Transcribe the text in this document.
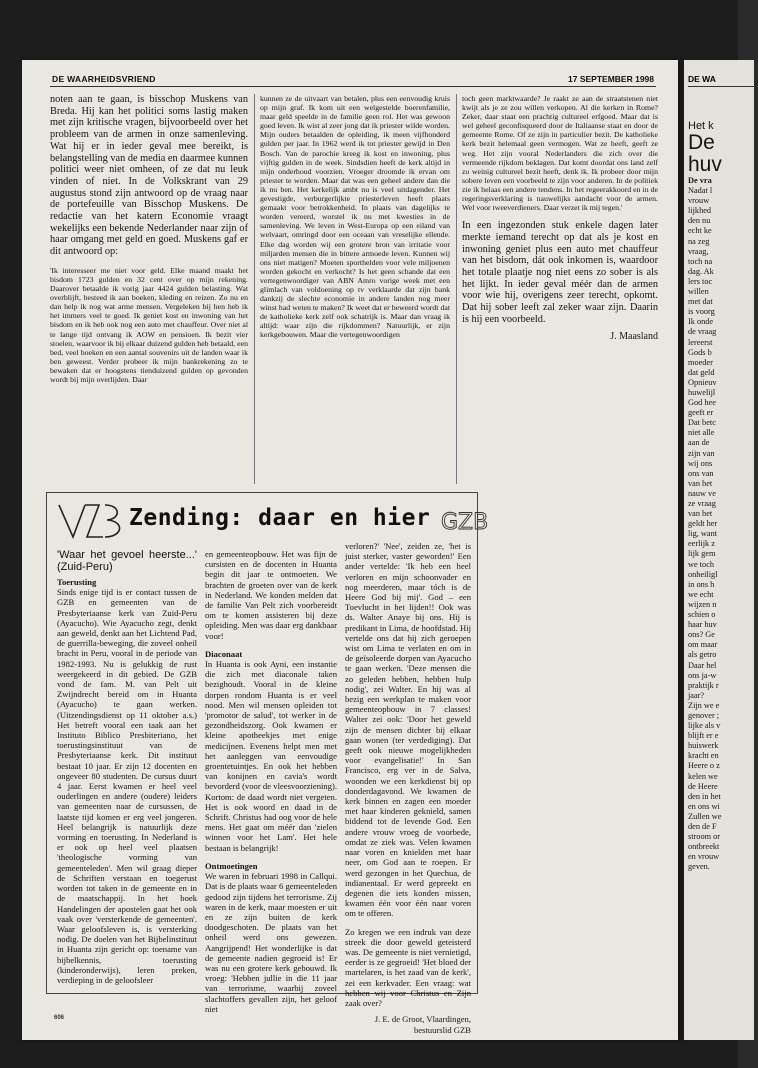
DE WAARHEIDSVRIEND	17 SEPTEMBER 1998

noten aan te gaan, is bisschop Muskens van Breda. Hij kan het politici soms lastig maken met zijn kritische vragen, bijvoorbeeld over het probleem van de armen in onze samenleving. Wat hij er in ieder geval mee bereikt, is belangstelling van de media en daarmee kunnen politici weer niet omheen, of ze dat nu leuk vinden of niet. In de Volkskrant van 29 augustus stond zijn antwoord op de vraag naar de portefeuille van Bisschop Muskens. De redactie van het katern Economie vraagt wekelijks een bekende Nederlander naar zijn of haar omgang met geld en goed. Muskens gaf er dit antwoord op:

'Ik interesseer me niet voor geld. Elke maand maakt het bisdom 1723 gulden en 32 cent over op mijn rekening. Daarover betaalde ik vorig jaar 4424 gulden belasting. Wat overblijft, besteed ik aan boeken, kleding en reizen. Zo nu en dan help ik nog wat arme mensen. Vergeleken bij hen heb ik het immers veel te goed. Ik geniet kost en inwoning van het bisdom en ik heb ook nog een auto met chauffeur. Over niet al te lange tijd ontvang ik AOW en pensioen. Ik bezit vier stoelen, waarvoor ik bij elkaar duizend gulden heb betaald, een bed, veel boeken en een aantal souvenirs uit de landen waar ik ben geweest. Verder probeer ik mijn bankrekening zo te bewaken dat er hoogstens tienduizend gulden op gevonden wordt bij mijn overlijden. Daar

kunnen ze de uitvaart van betalen, plus een eenvoudig kruis op mijn graf. Ik kom uit een welgestelde boerenfamilie, maar geld speelde in de familie geen rol. Het was gewoon goed leven. Ik wist al zeer jong dat ik priester wilde worden. Mijn ouders betaalden de opleiding, ik meen vijfhonderd gulden per jaar. In 1962 werd ik tot priester gewijd in Den Bosch. Van de parochie kreeg ik kost en inwoning, plus vijftig gulden in de week. Sindsdien heeft de kerk altijd in mijn onderhoud voorzien. Vroeger droomde ik ervan om priester te worden. Maar dat was een geheel andere dan die ik nu ben. Het kerkelijk ambt nu is veel uitdagender. Het gevestigde, verburgerlijkte priesterleven heeft plaats gemaakt voor betrokkenheid. In plaats van dagelijks te worden vereerd, worstel ik nu met kwesties in de samenleving. We leven in West-Europa op een eiland van welvaart, omringd door een oceaan van vreselijke ellende. Elke dag worden wij een grotere bron van irritatie voor miljarden mensen die in bittere armoede leven. Kunnen wij ons niet matigen? Moeten sporthelden voor vele miljoenen worden gekocht en verkocht? Is het geen schande dat een vertegenwoordiger van ABN Amro vorige week met een glimlach van voldoening op tv verklaarde dat zijn bank dankzij de slechte economie in andere landen nog meer winst had weten te maken? Ik weet dat er beweerd wordt dat de katholieke kerk zelf ook schatrijk is. Maar dan vraag ik altijd: waar zijn die rijkdommen? Natuurlijk, er zijn kerkgebouwen. Maar die vertegenwoordigen

toch geen marktwaarde? Je raakt ze aan de straatstenen niet kwijt als je ze zou willen verkopen. Al die kerken in Rome? Zeker, daar staat een prachtig cultureel erfgoed. Maar dat is wel geheel geconfisqueerd door de Italiaanse staat en door de gemeente Rome. Of ze zijn in particulier bezit. De katholieke kerk bezit helemaal geen vermogen. Wat ze heeft, geeft ze weg. Het zijn vooral Nederlanders die zich over die vermeende rijkdom beklagen. Dat komt doordat ons land zelf zo weinig cultureel bezit heeft, denk ik. Ik probeer door mijn sobere leven een voorbeeld te zijn voor anderen. In de politiek zie ik helaas een andere tendens. In het regeerakkoord en in de regeringsverklaring is nauwelijks aandacht voor de armen. Wel voor tweeverdieners. Daar verzet ik mij tegen.'

In een ingezonden stuk enkele dagen later merkte iemand terecht op dat als je kost en inwoning geniet plus een auto met chauffeur van het bisdom, dát ook inkomen is, waardoor het totale plaatje nog niet eens zo sober is als het lijkt. In ieder geval méér dan de armen voor wie hij, overigens zeer terecht, opkomt. Dat hij sober leeft zal zeker waar zijn. Daarin is hij een voorbeeld.

J. Maasland

Zending: daar en hier GZB

'Waar het gevoel heerste...' (Zuid-Peru)

Toerusting

Sinds enige tijd is er contact tussen de GZB en gemeenten van de Presbyteriaanse kerk van Zuid-Peru (Ayacucho). Wie Ayacucho zegt, denkt aan geweld, denkt aan het Lichtend Pad, de guerrilla-beweging, die zoveel onheil bracht in Peru, vooral in de periode van 1982-1993. Nu is gelukkig de rust weergekeerd in dit gebied. De GZB vond de fam. M. van Pelt uit Zwijndrecht bereid om in Huanta (Ayacucho) te gaan werken. (Uitzendingsdienst op 11 oktober a.s.) Het betreft vooral een taak aan het Instituto Biblico Presbiteriano, het toerustingsinstituut van de Presbyteriaanse kerk. Dit instituut bestaat 10 jaar. Er zijn 12 docenten en ongeveer 80 studenten. De cursus duurt 4 jaar. Eerst kwamen er heel veel ouderlingen en andere (oudere) leiders van gemeenten naar de cursussen, de laatste tijd komen er erg veel jongeren. Heel belangrijk is natuurlijk deze vorming en toerusting. In Nederland is er ook op heel veel plaatsen 'theologische vorming van gemeenteleden'. Men wil graag dieper de Schriften verstaan en toegerust worden tot taken in de gemeente en in de maatschappij. In het boek Handelingen der apostelen gaat het ook vaak over 'versterkende de gemeenten'. Waar geloofsleven is, is versterking nodig. De doelen van het Bijbelinstituut in Huanta zijn gericht op: toename van bijbelkennis, toerusting (kinderonderwijs), leren preken, verdieping in de geloofsleer

en gemeenteopbouw. Het was fijn de cursisten en de docenten in Huanta begin dit jaar te ontmoeten. We brachten de groeten over van de kerk in Nederland. We konden melden dat de familie Van Pelt zich voorbereidt om te komen assisteren bij deze opleiding. Men was daar erg dankbaar voor!

Diaconaat

In Huanta is ook Ayni, een instantie die zich met diaconale taken bezighoudt. Vooral in de kleine dorpen rondom Huanta is er veel nood. Men wil mensen opleiden tot 'promotor de salud', tot werker in de gezondheidszorg. Ook kwamen er kleine apotheekjes met enige medicijnen. Evenens helpt men met het aanleggen van eenvoudige groentetuintjes. En ook het hebben van konijnen en cavia's wordt bevorderd (voor de vleesvoorziening). Kortom: de daad wordt niet vergeten. Het is ook woord en daad in de Schrift. Christus had oog voor de hele mens. Het gaat om méér dan 'zielen winnen voor het Lam'. Het hele bestaan is belangrijk!

Ontmoetingen

We waren in februari 1998 in Callqui. Dat is de plaats waar 6 gemeenteleden gedood zijn tijdens het terrorisme. Zij waren in de kerk, maar moesten er uit en ze zijn buiten de kerk doodgeschoten. De plaats van het onheil werd ons gewezen. Aangrijpend! Het wonderlijke is dat de gemeente nadien gegroeid is! Er was nu een grotere kerk gebouwd. Ik vroeg: 'Hebben jullie in die 11 jaar van terrorisme, waarbij zoveel slachtoffers gevallen zijn, het geloof niet

verloren?' 'Nee', zeiden ze, 'het is juist sterker, vaster geworden!' Een ander vertelde: 'Ik heb een heel verloren en mijn schoonvader en nog meerderen, maar tóch is de Heere God bij mij'. God – een Toevlucht in het lijden!! Ook was ds. Walter Anaye bij ons. Hij is predikant in Lima, de hoofdstad. Hij vertelde ons dat hij zich geroepen wist om Lima te verlaten en om in de geïsoleerde dorpen van Ayacucho te gaan werken. 'Deze mensen die zo geleden hebben, hebben hulp nodig', zei Walter. En hij was al bezig een werkplan te maken voor gemeenteopbouw in 7 classes! Walter zei ook: 'Door het geweld zijn de mensen dichter bij elkaar gaan wonen (ter verdediging). Dat geeft ook nieuwe mogelijkheden voor evangelisatie!' In San Francisco, erg ver in de Salva, woonden we een kerkdienst bij op donderdagavond. We kwamen de kerk binnen en zagen een moeder met haar kinderen geknield, samen biddend tot de levende God. Een andere vrouw vroeg de voorbede, omdat ze ziek was. Velen kwamen naar voren en knielden met haar neer, om God aan te roepen. Er werd gezongen in het Quechua, de indianentaal. Er werd gepreekt en degenen die iets konden missen, kwamen één voor één naar voren om te offeren.

Zo kregen we een indruk van deze streek die door geweld geteisterd was. De gemeente is niet vernietigd, eerder is ze gegroeid! 'Het bloed der martelaren, is het zaad van de kerk', zei een kerkvader. Een vraag: wat hebben wij voor Christus en Zijn zaak over?

J. E. de Groot, Vlaardingen,

bestuurslid GZB

606
DE WA
Het k
De
huv
De vra
Nadat l
vrouw
lijkhed
den nu
echt ke
na zeg
vraag,
toch na
dag. Ak
lers toc
willen
met dat
is voorg
Ik onde
de vraag
lereerst
Gods b
moeder
dat geld
Opnieuv
huwelijl
God hee
geeft er
Dat betc
niet alle
aan de
zijn van
wij ons
ons van
van het
nauw ve
ze vraag
van het
geldt her
lig, want
eerlijk z
lijk gem
we toch
onheiligl
in ons h
we echt
wijzen n
schien o
haar huv
ons? Ge
om maar
als getro
Daar hel
ons ja-w
praktijk r
jaar?
Zijn we e
genover ;
lijke als v
blijft er e
huiswerk
kracht en
Heere o z
kelen we
de Heere
den in het
en ons wi
Zullen we
den de F
stroom or
ontbreekt
en vrouw
geven.
